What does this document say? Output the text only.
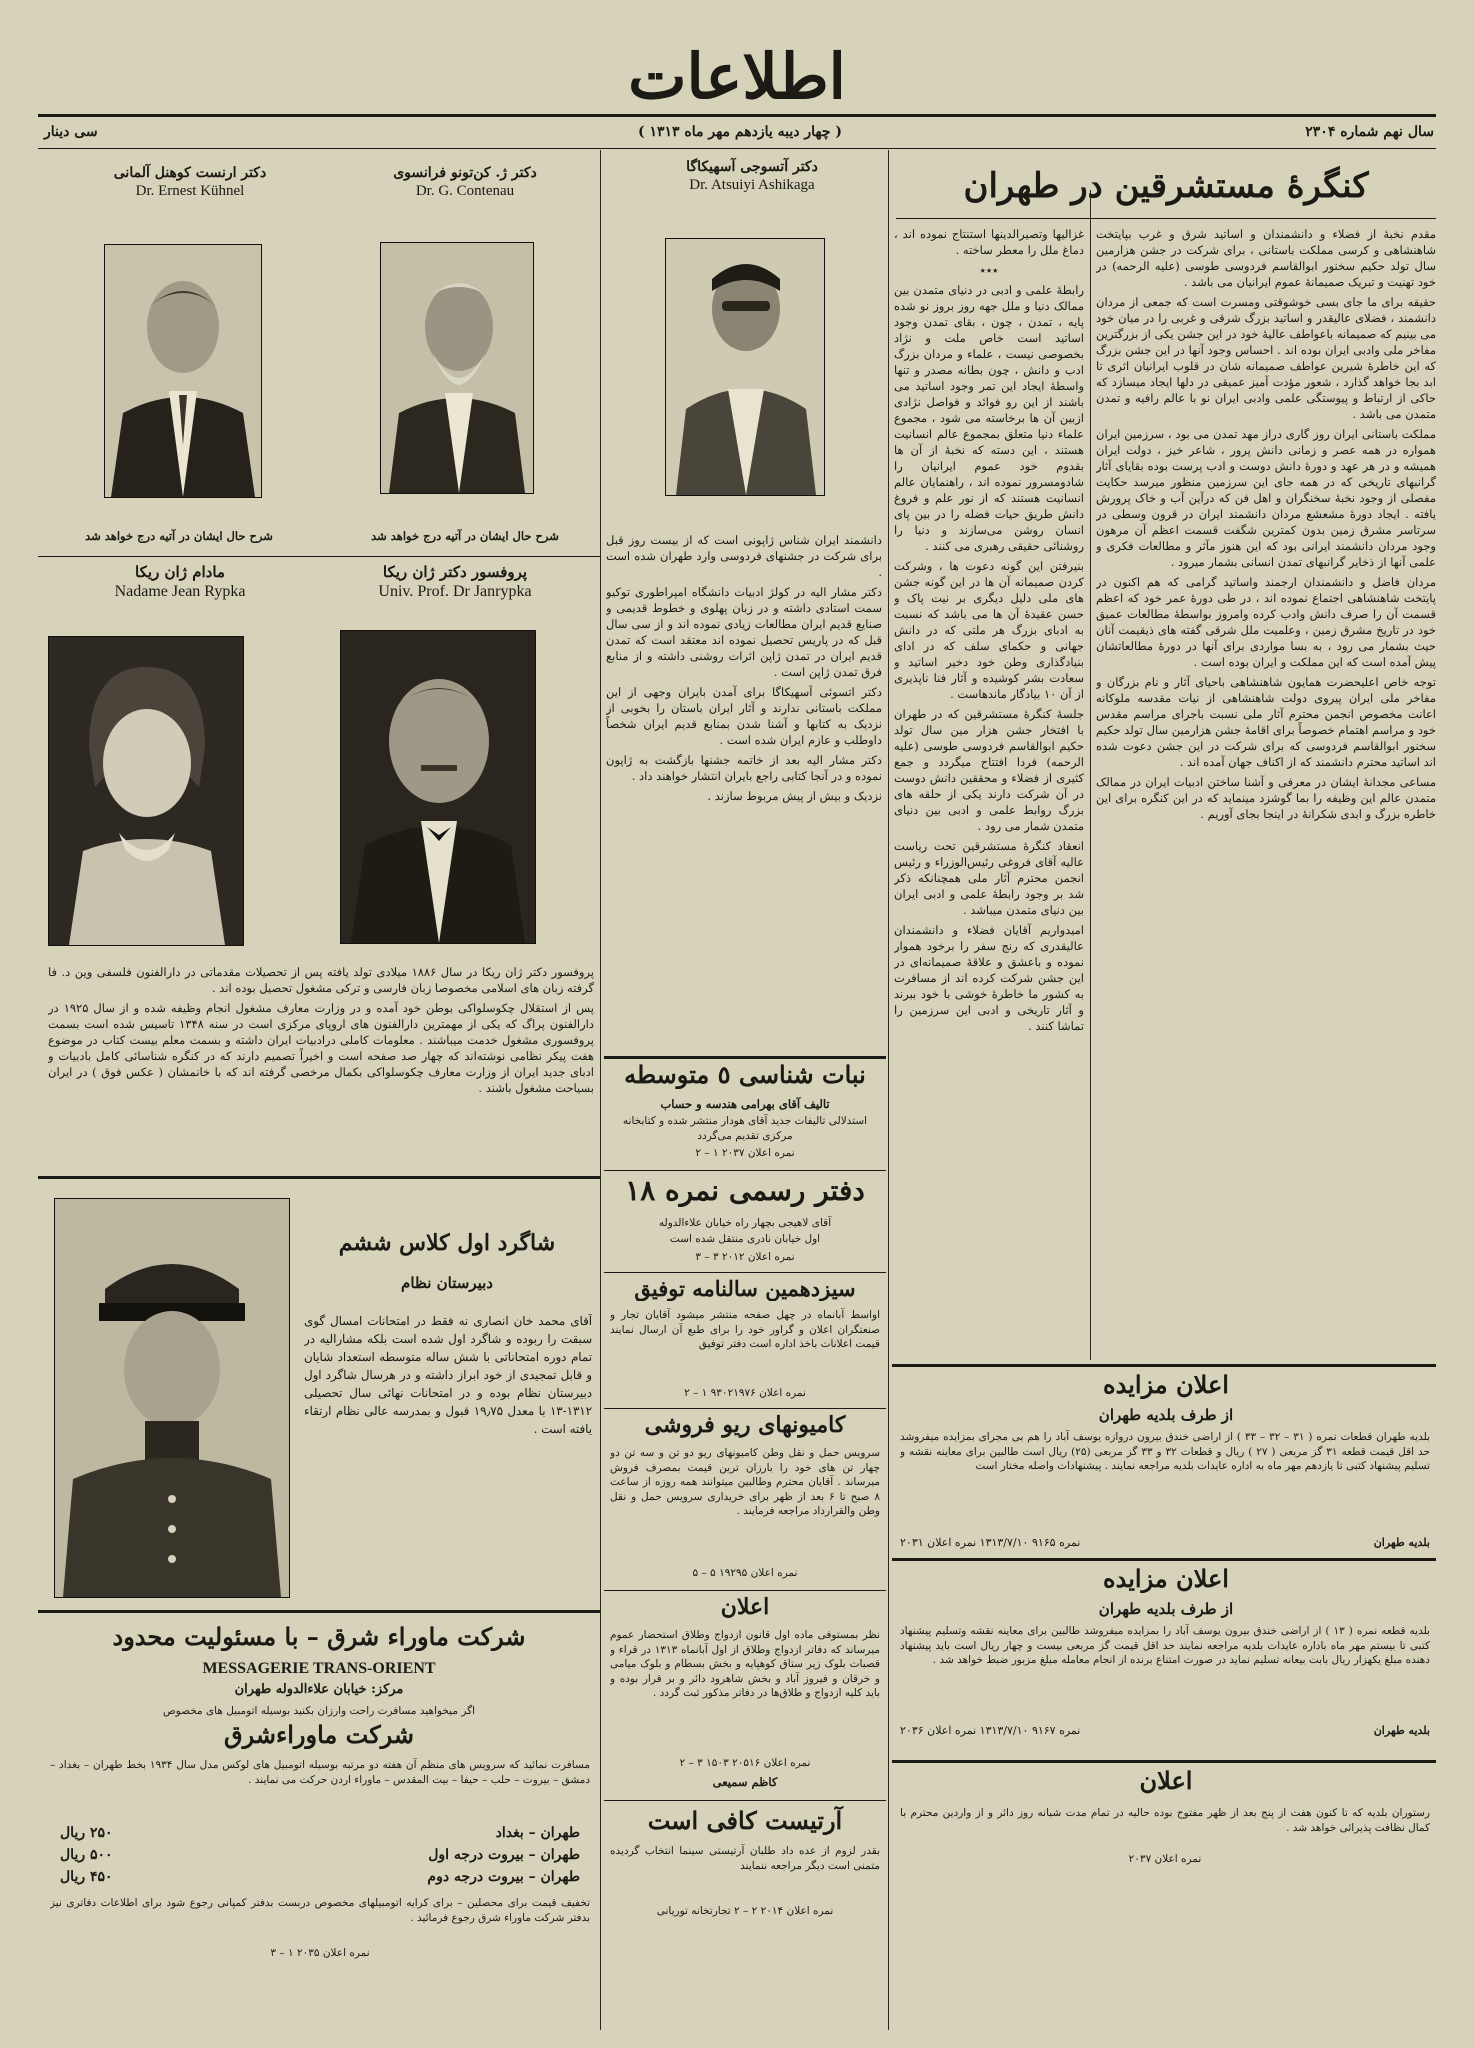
اطلاعات
سال نهم شماره ۲۳۰۴
( چهار دیبه یازدهم مهر ماه ۱۳۱۳ )
سی دینار
دکتر آتسوجی آسهیکاگا
Dr. Atsuiyi Ashikaga
دکتر ژ. کن‌تونو فرانسوی
Dr. G. Contenau
دکتر ارنست کوهنل آلمانی
Dr. Ernest Kühnel
شرح حال ایشان در آتیه درج خواهد شد
شرح حال ایشان در آتیه درج خواهد شد
پروفسور دکتر ژان ریکا
Univ. Prof. Dr Janrypka
مادام ژان ریکا
Nadame Jean Rypka

پروفسور دکتر ژان ریکا در سال ۱۸۸۶ میلادی تولد یافته پس از تحصیلات مقدماتی در دارالفنون فلسفی وین د. فا گرفته زبان های اسلامی مخصوصا زبان فارسی و ترکی مشغول تحصیل بوده اند .

پس از استقلال چکوسلواکی بوطن خود آمده و در وزارت معارف مشغول انجام وظیفه شده و از سال ۱۹۲۵ در دارالفنون پراگ که یکی از مهمترین دارالفنون های اروپای مرکزی است در سنه ۱۳۴۸ تاسیس شده است بسمت پروفسوری مشغول خدمت میباشند . معلومات کاملی درادبیات ایران داشته و بسمت معلم بیست کتاب در موضوع هفت پیکر نظامی نوشته‌اند که چهار صد صفحه است و اخیراً تصمیم دارند که در کنگره شناسائی کامل بادبیات و ادبای جدید ایران از وزارت معارف چکوسلواکی بکمال مرخصی گرفته اند که با خانمشان ( عکس فوق ) در ایران بسیاحت مشغول باشند .

شاگرد اول کلاس ششم
دبیرستان نظام
آقای محمد خان انصاری نه فقط در امتحانات امسال گوی سبقت را ربوده و شاگرد اول شده است بلکه مشارالیه در تمام دوره امتحاناتی با شش ساله متوسطه استعداد شایان و قابل تمجیدی از خود ابراز داشته و در هرسال شاگرد اول دبیرستان نظام بوده و در امتحانات نهائی سال تحصیلی ۱۳۱۲-۱۳ با معدل ۱۹٫۷۵ قبول و بمدرسه عالی نظام ارتقاء یافته است .
شرکت ماوراء شرق – با مسئولیت محدود
MESSAGERIE TRANS-ORIENT
مرکز: خیابان علاءالدوله طهران
اگر میخواهید مسافرت راحت وارزان بکنید بوسیله اتومبیل های مخصوص
شرکت ماوراءشرق
مسافرت نمائید که سرویس های منظم آن هفته دو مرتبه بوسیله اتومبیل های لوکس مدل سال ۱۹۳۴ بخط طهران – بغداد – دمشق – بیروت – حلب – حیفا – بیت المقدس – ماوراء اردن حرکت می نمایند .
طهران – بغداد
۲۵۰ ریال
طهران – بیروت درجه اول
۵۰۰ ریال
طهران – بیروت درجه دوم
۴۵۰ ریال
تخفیف قیمت برای محصلین – برای کرایه اتومبیلهای مخصوص دربست بدفتر کمپانی رجوع شود برای اطلاعات دفاتری نیز بدفتر شرکت ماوراء شرق رجوع فرمائید .
نمره اعلان ۲۰۳۵ ۱ – ۳

دانشمند ایران شناس ژاپونی است که از بیست روز قبل برای شرکت در جشنهای فردوسی وارد طهران شده است .

دکتر مشار الیه در کولژ ادبیات دانشگاه امپراطوری توکیو سمت استادی داشته و در زبان پهلوی و خطوط قدیمی و صنایع قدیم ایران مطالعات زیادی نموده اند و از سی سال قبل که در پاریس تحصیل نموده اند معتقد است که تمدن قدیم ایران در تمدن ژاپن اثرات روشنی داشته و از منابع فرق تمدن ژاپن است .

دکتر اتسوئی آسهیکاگا برای آمدن بایران وجهی از این مملکت باستانی ندارند و آثار ایران باستان را بخوبی از نزدیک به کتابها و آشنا شدن بمنابع قدیم ایران شخصاً داوطلب و عازم ایران شده است .

دکتر مشار الیه بعد از خاتمه جشنها بازگشت به ژاپون نموده و در آنجا کتابی راجع بایران انتشار خواهند داد .

نزدیک و بیش از پیش مربوط سازند .

نبات شناسی ٥ متوسطه
تالیف آقای بهرامی هندسه و حساب
استدلالی تالیفات جدید آقای هودار منتشر شده و کتابخانه مرکزی تقدیم می‌گردد
نمره اعلان ۲۰۳۷ ۱ – ۲
دفتر رسمی نمره ۱۸
آقای لاهیجی بچهار راه خیابان علاءالدوله
اول خیابان نادری منتقل شده است
نمره اعلان ۲۰۱۲ ۳ – ۳
سیزدهمین سالنامه توفیق
اواسط آبانماه در چهل صفحه منتشر میشود آقایان تجار و صنعتگران اعلان و گراور خود را برای طبع آن ارسال نمایند قیمت اعلانات باخذ اداره است دفتر توفیق
نمره اعلان ۹۳۰۲۱۹۷۶ ۱ – ۲
کامیونهای ریو فروشی
سرویس حمل و نقل وطن کامیونهای ریو دو تن و سه تن دو چهار تن های خود را بارزان ترین قیمت بمصرف فروش میرساند . آقایان محترم وطالبین میتوانند همه روزه از ساعت ۸ صبح تا ۶ بعد از ظهر برای خریداری سرویس حمل و نقل وطن والقرارداد مراجعه فرمایند .
نمره اعلان ۱۹۲۹۵ ۵ – ۵
اعلان
نظر بمستوفی ماده اول قانون ازدواج وطلاق استحضار عموم میرساند که دفاتر ازدواج وطلاق از اول آبانماه ۱۳۱۳ در قراء و قصبات بلوک زیر ستاق کوهپایه و بخش بسطام و بلوک میامی و خرقان و فیروز آباد و بخش شاهرود دائر و بر قرار بوده و باید کلیه ازدواج و طلاق‌ها در دفاتر مذکور ثبت گردد .
نمره اعلان ۲۰۵۱۶ ۱۵۰۳ ۳ – ۲
کاظم سمیعی
آرتیست کافی است
بقدر لزوم از عده داد طلبان آرتیستی سینما انتخاب گردیده متمنی است دیگر مراجعه ننمایند
نمره اعلان ۲۰۱۴ ۲ – ۲ تجارتخانه توریانی
کنگرهٔ مستشرقین در طهران

مقدم نخبهٔ از فضلاء و دانشمندان و اساتید شرق و غرب بپایتخت شاهنشاهی و کرسی مملکت باستانی ، برای شرکت در جشن هزارمین سال تولد حکیم سخنور ابوالقاسم فردوسی طوسی (علیه الرحمه) در خود تهنیت و تبریک صمیمانهٔ عموم ایرانیان می باشد .

حقیقه برای ما جای بسی خوشوقتی ومسرت است که جمعی از مردان دانشمند ، فضلای عالیقدر و اساتید بزرگ شرقی و غربی را در میان خود می بینیم که صمیمانه باعواطف عالیهٔ خود در این جشن یکی از بزرگترین مفاخر ملی وادبی ایران بوده اند . احساس وجود آنها در این جشن بزرگ که این خاطرهٔ شیرین عواطف صمیمانه شان در قلوب ایرانیان اثری تا ابد بجا خواهد گذارد ، شعور مؤدت آمیز عمیقی در دلها ایجاد میسازد که حاکی از ارتباط و پیوستگی علمی وادبی ایران نو با عالم رافیه و تمدن متمدن می باشد .

مملکت باستانی ایران روز گاری دراز مهد تمدن می بود ، سرزمین ایران همواره در همه عصر و زمانی دانش پرور ، شاعر خیز ، دولت ایران همیشه و در هر عهد و دورهٔ دانش دوست و ادب پرست بوده بقایای آثار گرانبهای تاریخی که در همه جای این سرزمین منظور میرسد حکایت مفصلی از وجود نخبهٔ سخنگران و اهل فن که درآین آب و خاک پرورش یافته . ایجاد دورهٔ مشعشع مردان دانشمند ایران در قرون وسطی در سرتاسر مشرق زمین بدون کمترین شگفت قسمت اعظم آن مرهون وجود مردان دانشمند ایرانی بود که این هنوز مآثر و مطالعات فکری و علمی آنها از ذخایر گرانبهای تمدن انسانی بشمار میرود .

مردان فاضل و دانشمندان ارجمند واساتید گرامی که هم اکنون در پایتخت شاهنشاهی اجتماع نموده اند ، در طی دورهٔ عمر خود که اعظم قسمت آن را صرف دانش وادب کرده وامروز بواسطهٔ مطالعات عمیق خود در تاریخ مشرق زمین ، وعلمیت ملل شرقی گفته های ذیقیمت آنان حیث بشمار می رود ، به بسا مواردی برای آنها در دورهٔ مطالعاتشان پیش آمده است که این مملکت و ایران بوده است .

توجه خاص اعلیحضرت همایون شاهنشاهی باحیای آثار و نام بزرگان و مفاخر ملی ایران پیروی دولت شاهنشاهی از نیات مقدسه ملوکانه اعانت مخصوص انجمن محترم آثار ملی نسبت باجرای مراسم مقدس خود و مراسم اهتمام خصوصاً برای اقامهٔ جشن هزارمین سال تولد حکیم سخنور ابوالقاسم فردوسی که برای شرکت در این جشن دعوت شده اند اساتید محترم دانشمند که از اکناف جهان آمده اند .

مساعی مجدانهٔ ایشان در معرفی و آشنا ساختن ادبیات ایران در ممالک متمدن عالم این وظیفه را بما گوشزد مینماید که در این کنگره برای این خاطره بزرگ و ابدی شکرانهٔ در اینجا بجای آوریم .

غزالیها وتصیرالدینها استنتاج نموده اند ، دماغ ملل را معطر ساخته .

٭٭٭

رابطهٔ علمی و ادبی در دنیای متمدن بین ممالک دنیا و ملل جهه روز بروز نو شده پایه ، تمدن ، چون ، بقای تمدن وجود اساتید است خاص ملت و نژاد بخصوصی نیست ، علماء و مردان بزرگ ادب و دانش ، چون بطانه مصدر و تنها واسطهٔ ایجاد این تمر وجود اساتید می باشند از این رو فوائد و فواصل نژادی ازبین آن ها برخاسته می شود ، مجموع علماء دنیا متعلق بمجموع عالم انسانیت هستند ، این دسته که نخبهٔ از آن ها بقدوم خود عموم ایرانیان را شادومسرور نموده اند ، راهنمایان عالم انسانیت هستند که از نور علم و فروغ دانش طریق حیات فضله را در بین پای انسان روشن می‌سازند و دنیا را روشنائی حقیقی رهبری می کنند .

بنیرفتن این گونه دعوت ها ، وشرکت کردن صمیمانه آن ها در این گونه جشن های ملی دلیل دیگری بر نیت پاک و حسن عقیدهٔ آن ها می باشد که نسبت به ادبای بزرگ هر ملتی که در دانش جهانی و حکمای سلف که در ادای بنیادگذاری وطن خود دخیر اساتید و سعادت بشر کوشیده و آثار فنا ناپذیری از آن ۱۰ بیادگار ماندهاست .

جلسهٔ کنگرهٔ مستشرقین که در طهران با افتخار جشن هزار مین سال تولد حکیم ابوالقاسم فردوسی طوسی (علیه الرحمه) فردا افتتاح میگردد و جمع کثیری از فضلاء و محققین دانش دوست در آن شرکت دارند یکی از حلقه های بزرگ روابط علمی و ادبی بین دنیای متمدن شمار می رود .

انعقاد کنگرهٔ مستشرقین تحت ریاست عالیه آقای فروغی رئیس‌الوزراء و رئیس انجمن محترم آثار ملی همچنانکه ذکر شد بر وجود رابطهٔ علمی و ادبی ایران بین دنیای متمدن میباشد .

امیدواریم آقایان فضلاء و دانشمندان عالیقدری که رنج سفر را برخود هموار نموده و باعشق و علاقهٔ صمیمانه‌ای در این جشن شرکت کرده اند از مسافرت به کشور ما خاطرهٔ خوشی با خود ببرند و آثار تاریخی و ادبی این سرزمین را تماشا کنند .

اعلان مزایده
از طرف بلدیه طهران
بلدیه طهران قطعات نمره ( ۳۱ – ۳۲ – ۳۳ ) از اراضی خندق بیرون دروازه یوسف آباد را هم بی مجرای بمزایده میفروشد حد اقل قیمت قطعه ۳۱ گز مربعی ( ۲۷ ) ریال و قطعات ۳۲ و ۳۳ گز مربعی (۲۵) ریال است طالبین برای معاینه نقشه و تسلیم پیشنهاد کتبی تا یازدهم مهر ماه به اداره عایدات بلدیه مراجعه نمایند . پیشنهادات واصله مختار است
بلدیه طهران
نمره ۹۱۶۵ ۱۳۱۳/۷/۱۰ نمره اعلان ۲۰۳۱
اعلان مزایده
از طرف بلدیه طهران
بلدیه قطعه نمره ( ۱۳ ) از اراضی خندق بیرون یوسف آباد را بمزایده میفروشد طالبین برای معاینه نقشه وتسلیم پیشنهاد کتبی تا بیستم مهر ماه باداره عایدات بلدیه مراجعه نمایند حد اقل قیمت گز مربعی بیست و چهار ریال است باید پیشنهاد دهنده مبلغ یکهزار ریال بابت بیعانه تسلیم نماید در صورت امتناع برنده از انجام معامله مبلغ مزبور ضبط خواهد شد .
بلدیه طهران
نمره ۹۱۶۷ ۱۳۱۳/۷/۱۰ نمره اعلان ۲۰۳۶
اعلان
رستوران بلدیه که تا کنون هفت از پنج بعد از ظهر مفتوح بوده حالیه در تمام مدت شبانه روز دائر و از واردین محترم با کمال نظافت پذیرائی خواهد شد .
نمره اعلان ۲۰۳۷
